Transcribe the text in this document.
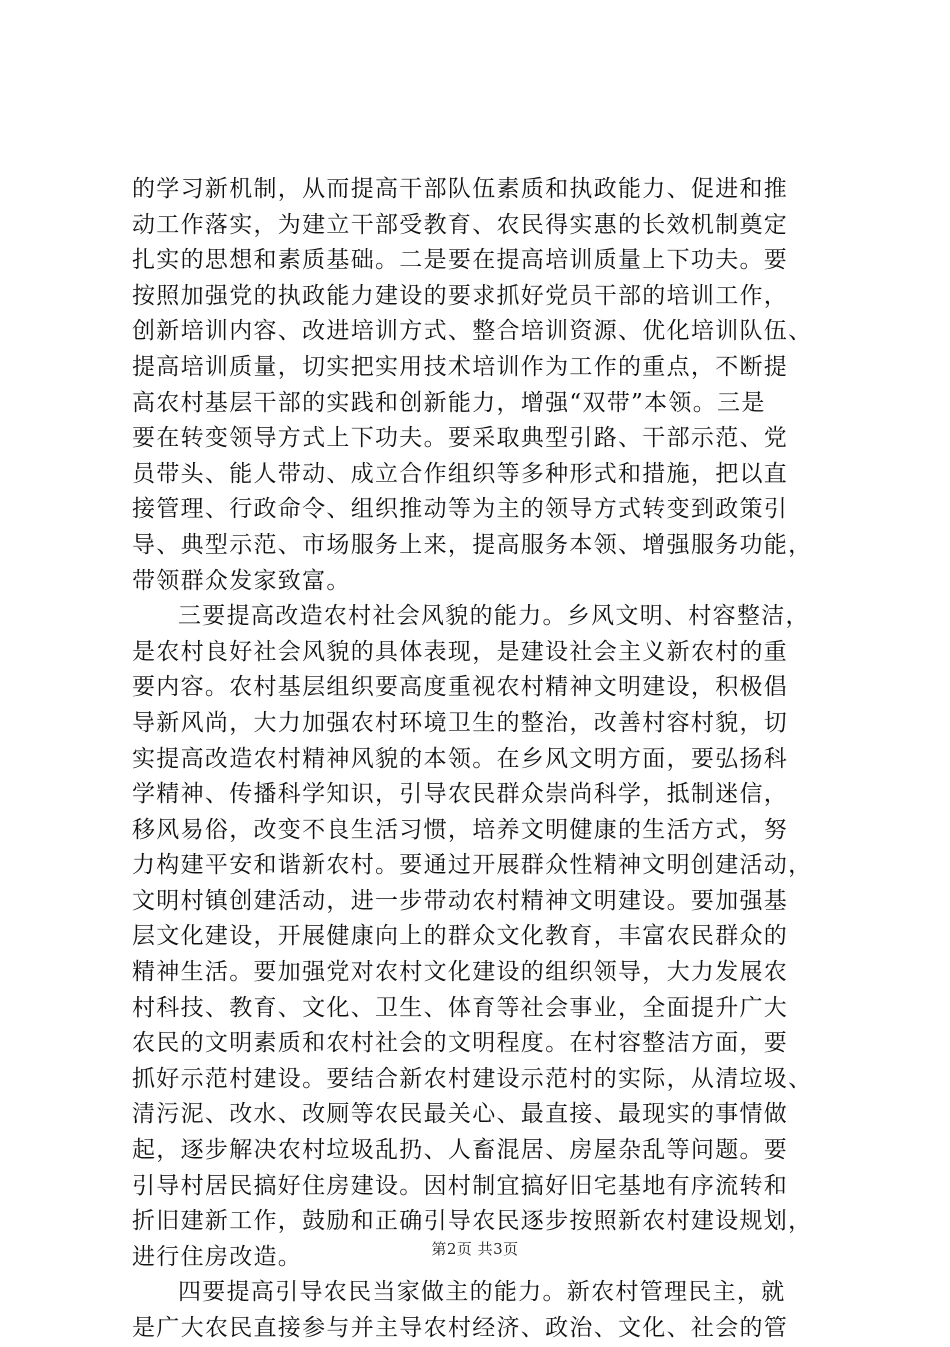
的学习新机制，从而提高干部队伍素质和执政能力、促进和推
动工作落实，为建立干部受教育、农民得实惠的长效机制奠定
扎实的思想和素质基础。二是要在提高培训质量上下功夫。要
按照加强党的执政能力建设的要求抓好党员干部的培训工作，
创新培训内容、改进培训方式、整合培训资源、优化培训队伍、
提高培训质量，切实把实用技术培训作为工作的重点，不断提
高农村基层干部的实践和创新能力，增强“双带”本领。三是
要在转变领导方式上下功夫。要采取典型引路、干部示范、党
员带头、能人带动、成立合作组织等多种形式和措施，把以直
接管理、行政命令、组织推动等为主的领导方式转变到政策引
导、典型示范、市场服务上来，提高服务本领、增强服务功能，
带领群众发家致富。
三要提高改造农村社会风貌的能力。乡风文明、村容整洁，
是农村良好社会风貌的具体表现，是建设社会主义新农村的重
要内容。农村基层组织要高度重视农村精神文明建设，积极倡
导新风尚，大力加强农村环境卫生的整治，改善村容村貌，切
实提高改造农村精神风貌的本领。在乡风文明方面，要弘扬科
学精神、传播科学知识，引导农民群众崇尚科学，抵制迷信，
移风易俗，改变不良生活习惯，培养文明健康的生活方式，努
力构建平安和谐新农村。要通过开展群众性精神文明创建活动，
文明村镇创建活动，进一步带动农村精神文明建设。要加强基
层文化建设，开展健康向上的群众文化教育，丰富农民群众的
精神生活。要加强党对农村文化建设的组织领导，大力发展农
村科技、教育、文化、卫生、体育等社会事业，全面提升广大
农民的文明素质和农村社会的文明程度。在村容整洁方面，要
抓好示范村建设。要结合新农村建设示范村的实际，从清垃圾、
清污泥、改水、改厕等农民最关心、最直接、最现实的事情做
起，逐步解决农村垃圾乱扔、人畜混居、房屋杂乱等问题。要
引导村居民搞好住房建设。因村制宜搞好旧宅基地有序流转和
折旧建新工作，鼓励和正确引导农民逐步按照新农村建设规划，
进行住房改造。
四要提高引导农民当家做主的能力。新农村管理民主，就
是广大农民直接参与并主导农村经济、政治、文化、社会的管
第2页 共3页
